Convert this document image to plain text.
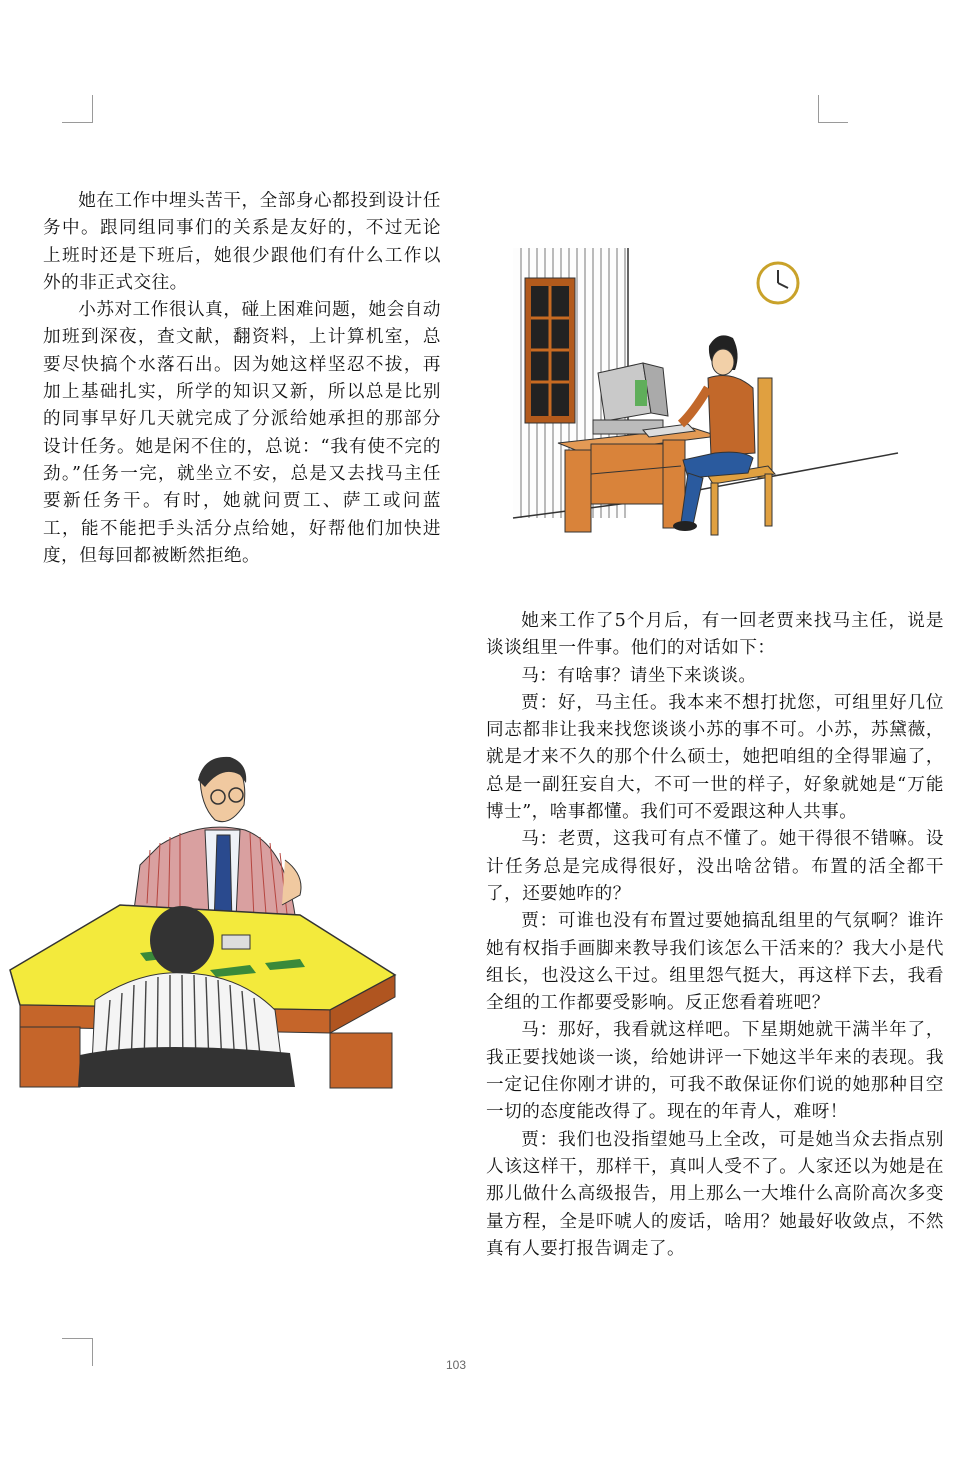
她在工作中埋头苦干，全部身心都投到设计任务中。跟同组同事们的关系是友好的，不过无论上班时还是下班后，她很少跟他们有什么工作以外的非正式交往。

小苏对工作很认真，碰上困难问题，她会自动加班到深夜，查文献，翻资料，上计算机室，总要尽快搞个水落石出。因为她这样坚忍不拔，再加上基础扎实，所学的知识又新，所以总是比别的同事早好几天就完成了分派给她承担的那部分设计任务。她是闲不住的，总说：“我有使不完的劲。”任务一完，就坐立不安，总是又去找马主任要新任务干。有时，她就问贾工、萨工或问蓝工，能不能把手头活分点给她，好帮他们加快进度，但每回都被断然拒绝。

她来工作了5个月后，有一回老贾来找马主任，说是谈谈组里一件事。他们的对话如下：

马：有啥事？请坐下来谈谈。

贾：好，马主任。我本来不想打扰您，可组里好几位同志都非让我来找您谈谈小苏的事不可。小苏，苏黛薇，就是才来不久的那个什么硕士，她把咱组的全得罪遍了，总是一副狂妄自大，不可一世的样子，好象就她是“万能博士”，啥事都懂。我们可不爱跟这种人共事。

马：老贾，这我可有点不懂了。她干得很不错嘛。设计任务总是完成得很好，没出啥岔错。布置的活全都干了，还要她咋的？

贾：可谁也没有布置过要她搞乱组里的气氛啊？谁许她有权指手画脚来教导我们该怎么干活来的？我大小是代组长，也没这么干过。组里怨气挺大，再这样下去，我看全组的工作都要受影响。反正您看着班吧？

马：那好，我看就这样吧。下星期她就干满半年了，我正要找她谈一谈，给她讲评一下她这半年来的表现。我一定记住你刚才讲的，可我不敢保证你们说的她那种目空一切的态度能改得了。现在的年青人，难呀！

贾：我们也没指望她马上全改，可是她当众去指点别人该这样干，那样干，真叫人受不了。人家还以为她是在那儿做什么高级报告，用上那么一大堆什么高阶高次多变量方程，全是吓唬人的废话，啥用？她最好收敛点，不然真有人要打报告调走了。

103
